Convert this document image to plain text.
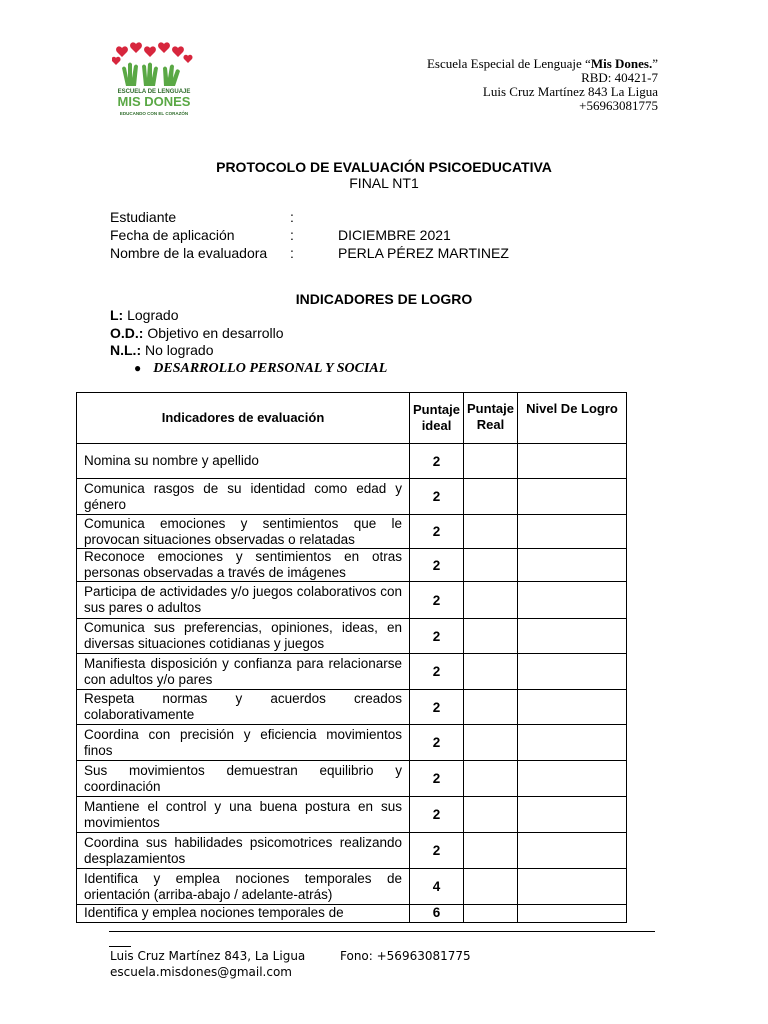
ESCUELA DE LENGUAJE
MIS DONES
EDUCANDO CON EL CORAZÓN
Escuela Especial de Lenguaje “Mis Dones.”
RBD: 40421-7
Luis Cruz Martínez 843 La Ligua
+56963081775
PROTOCOLO DE EVALUACIÓN PSICOEDUCATIVA
FINAL NT1
Estudiante	:
Fecha de aplicación	:	DICIEMBRE 2021
Nombre de la evaluadora	:	PERLA PÉREZ MARTINEZ
INDICADORES DE LOGRO
L: Logrado
O.D.: Objetivo en desarrollo
N.L.: No logrado
● DESARROLLO PERSONAL Y SOCIAL
Indicadores de evaluación	Puntaje ideal	Puntaje Real	Nivel De Logro
Nomina su nombre y apellido	2		
Comunica rasgos de su identidad como edad y género	2		
Comunica emociones y sentimientos que le provocan situaciones observadas o relatadas	2		
Reconoce emociones y sentimientos en otras personas observadas a través de imágenes	2		
Participa de actividades y/o juegos colaborativos con sus pares o adultos	2		
Comunica sus preferencias, opiniones, ideas, en diversas situaciones cotidianas y juegos	2		
Manifiesta disposición y confianza para relacionarse con adultos y/o pares	2		
Respeta normas y acuerdos creados colaborativamente	2		
Coordina con precisión y eficiencia movimientos finos	2		
Sus movimientos demuestran equilibrio y coordinación	2		
Mantiene el control y una buena postura en sus movimientos	2		
Coordina sus habilidades psicomotrices realizando desplazamientos	2		
Identifica y emplea nociones temporales de orientación (arriba-abajo / adelante-atrás)	4		
Identifica y emplea nociones temporales de	6		
Luis Cruz Martínez 843, La Ligua	Fono: +56963081775
escuela.misdones@gmail.com
